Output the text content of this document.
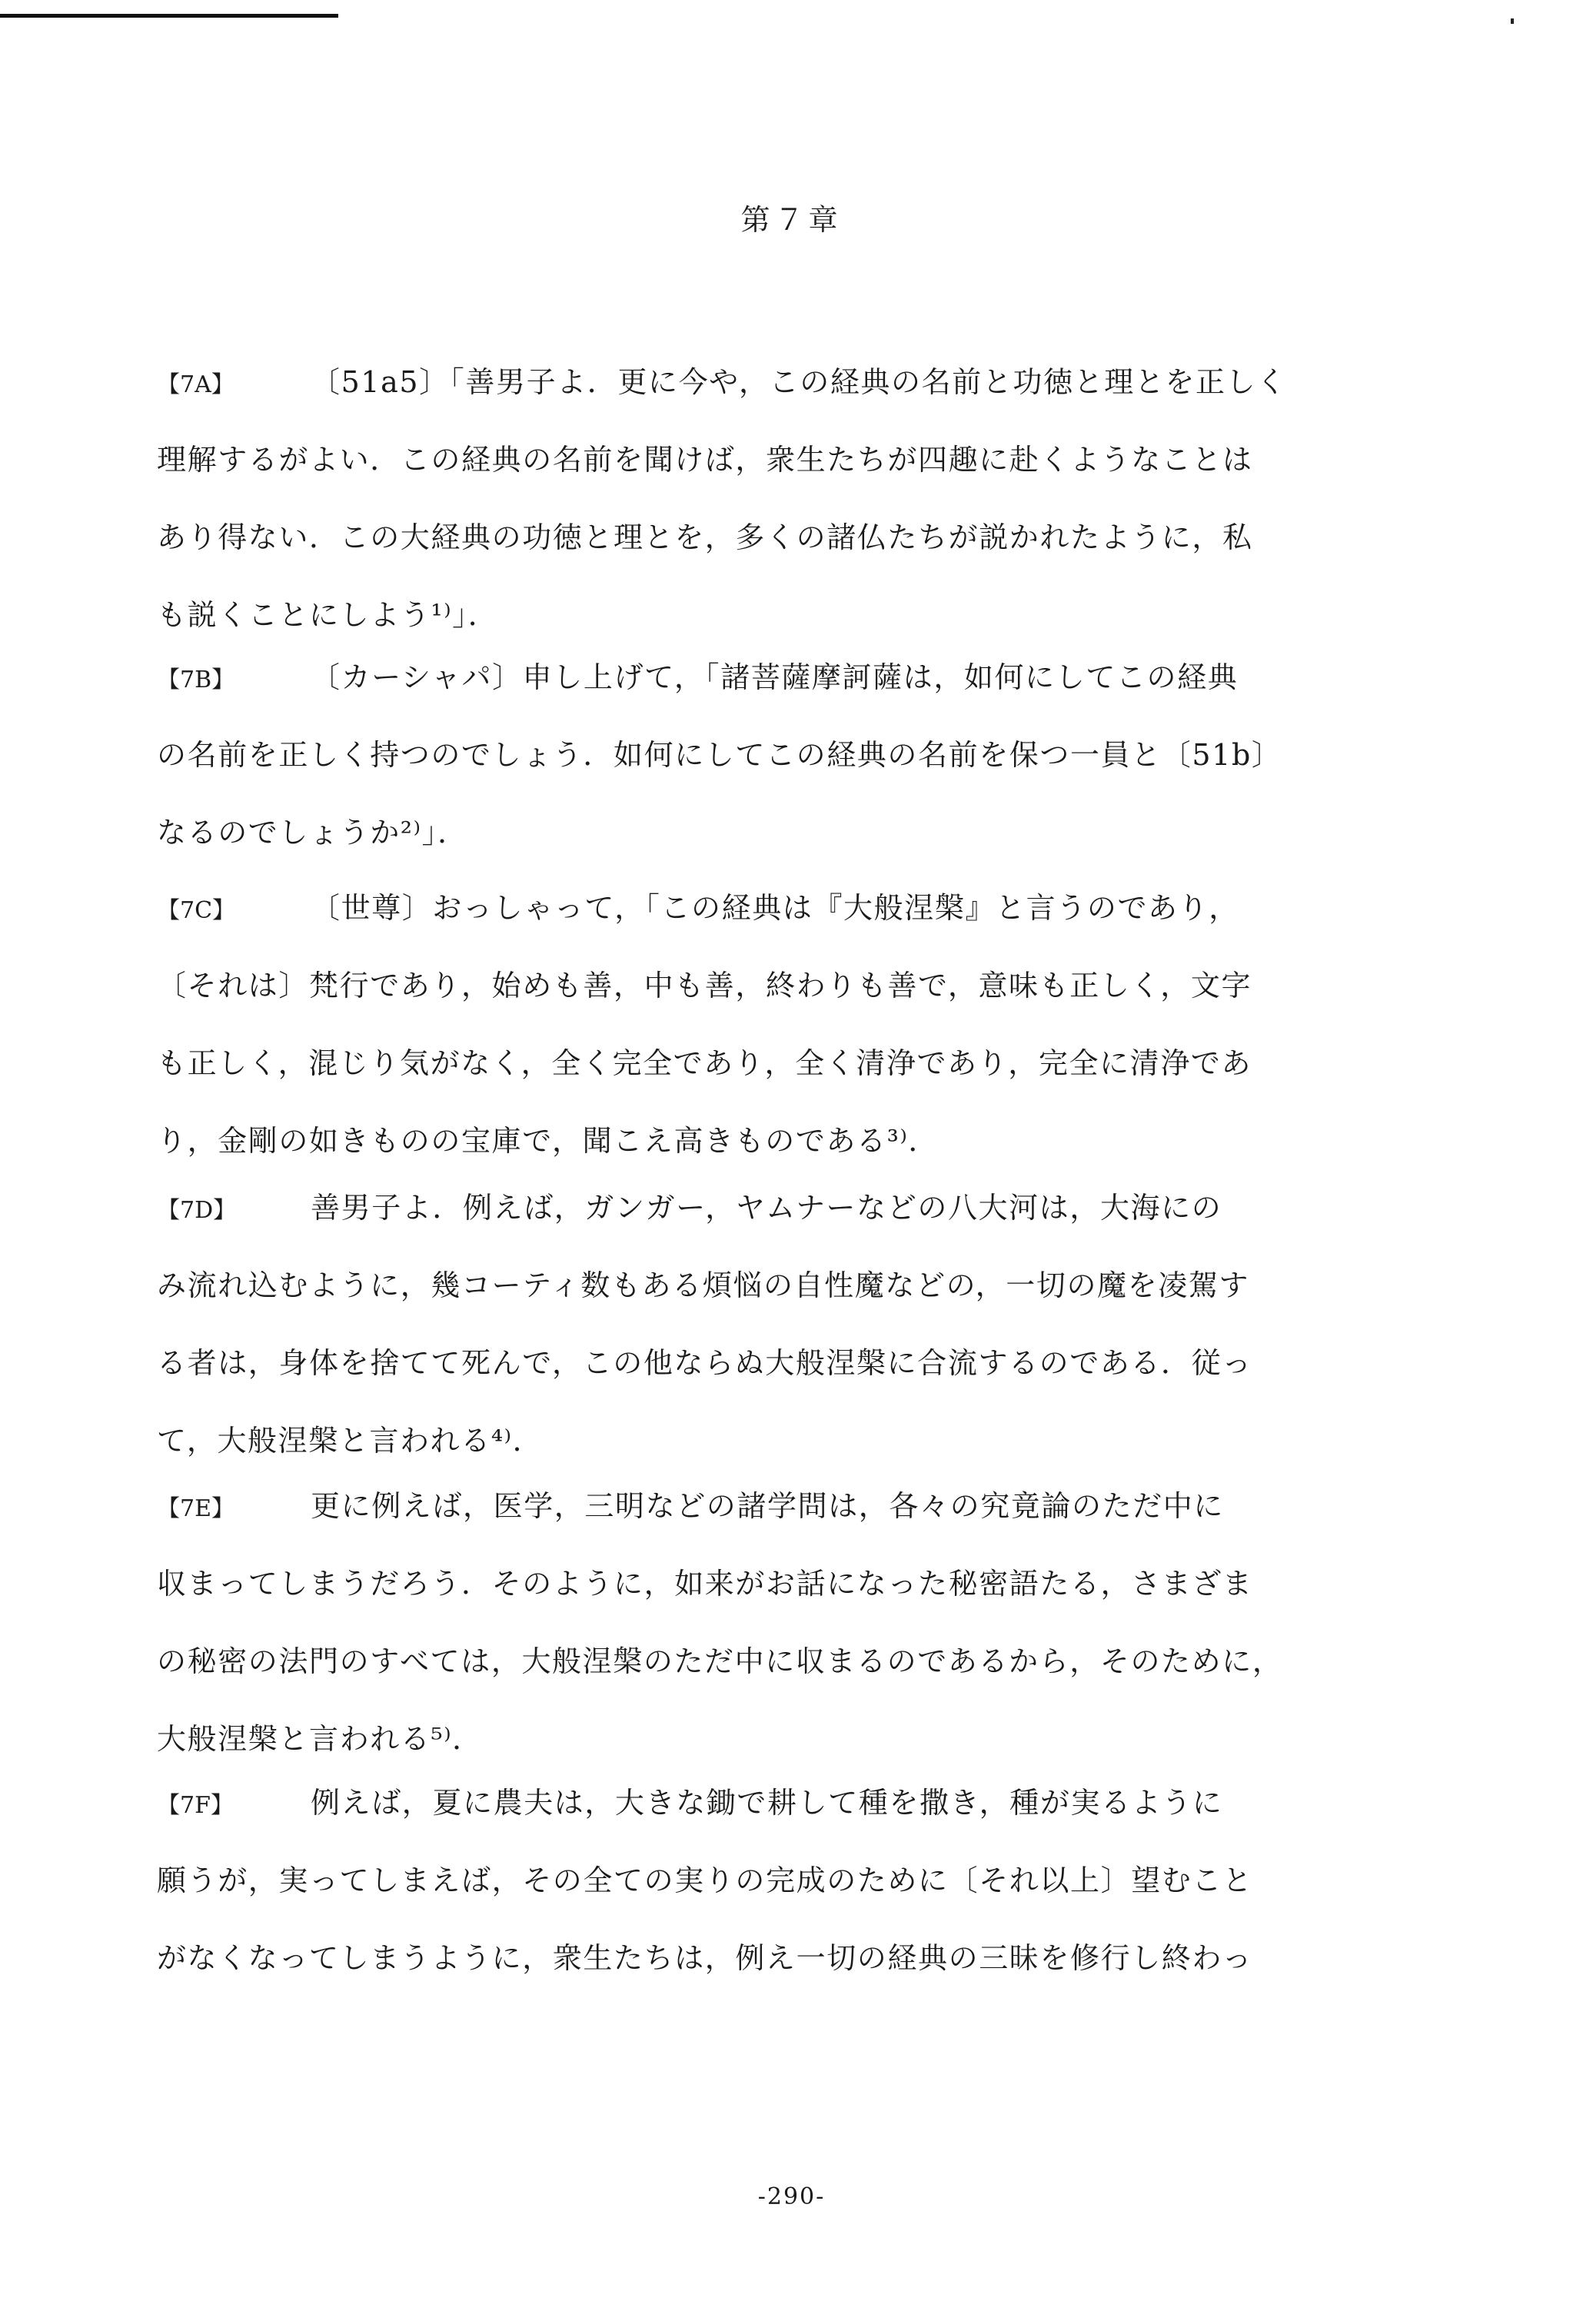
第７章
【7A】	〔51a5〕「善男子よ．更に今や，この経典の名前と功徳と理とを正しく
理解するがよい．この経典の名前を聞けば，衆生たちが四趣に赴くようなことは
あり得ない．この大経典の功徳と理とを，多くの諸仏たちが説かれたように，私
も説くことにしよう¹⁾」．
【7B】	〔カーシャパ〕申し上げて，「諸菩薩摩訶薩は，如何にしてこの経典
の名前を正しく持つのでしょう．如何にしてこの経典の名前を保つ一員と〔51b〕
なるのでしょうか²⁾」．
【7C】	〔世尊〕おっしゃって，「この経典は『大般涅槃』と言うのであり，
〔それは〕梵行であり，始めも善，中も善，終わりも善で，意味も正しく，文字
も正しく，混じり気がなく，全く完全であり，全く清浄であり，完全に清浄であ
り，金剛の如きものの宝庫で，聞こえ高きものである³⁾．
【7D】	善男子よ．例えば，ガンガー，ヤムナーなどの八大河は，大海にの
み流れ込むように，幾コーティ数もある煩悩の自性魔などの，一切の魔を凌駕す
る者は，身体を捨てて死んで，この他ならぬ大般涅槃に合流するのである．従っ
て，大般涅槃と言われる⁴⁾．
【7E】	更に例えば，医学，三明などの諸学問は，各々の究竟論のただ中に
収まってしまうだろう．そのように，如来がお話になった秘密語たる，さまざま
の秘密の法門のすべては，大般涅槃のただ中に収まるのであるから，そのために，
大般涅槃と言われる⁵⁾．
【7F】	例えば，夏に農夫は，大きな鋤で耕して種を撒き，種が実るように
願うが，実ってしまえば，その全ての実りの完成のために〔それ以上〕望むこと
がなくなってしまうように，衆生たちは，例え一切の経典の三昧を修行し終わっ
-290-
